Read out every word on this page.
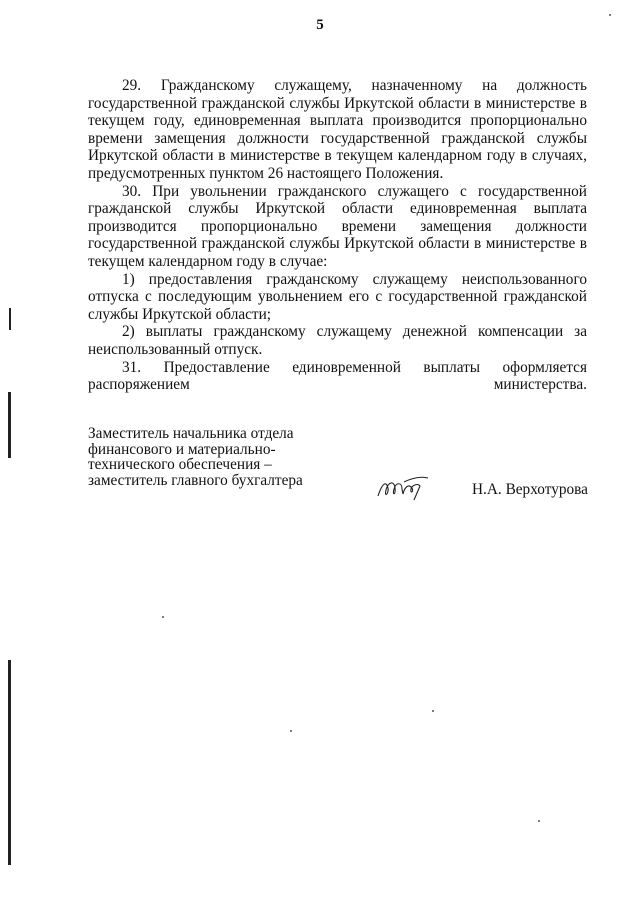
5

29. Гражданскому служащему, назначенному на должность государственной гражданской службы Иркутской области в министерстве в текущем году, единовременная выплата производится пропорционально времени замещения должности государственной гражданской службы Иркутской области в министерстве в текущем календарном году в случаях, предусмотренных пунктом 26 настоящего Положения.

30. При увольнении гражданского служащего с государственной гражданской службы Иркутской области единовременная выплата производится пропорционально времени замещения должности государственной гражданской службы Иркутской области в министерстве в текущем календарном году в случае:

1) предоставления гражданскому служащему неиспользованного отпуска с последующим увольнением его с государственной гражданской службы Иркутской области;

2) выплаты гражданскому служащему денежной компенсации за неиспользованный отпуск.

31. Предоставление единовременной выплаты оформляется распоряжением министерства.

Заместитель начальника отдела
финансового и материально-
технического обеспечения –
заместитель главного бухгалтера
Н.А. Верхотурова
